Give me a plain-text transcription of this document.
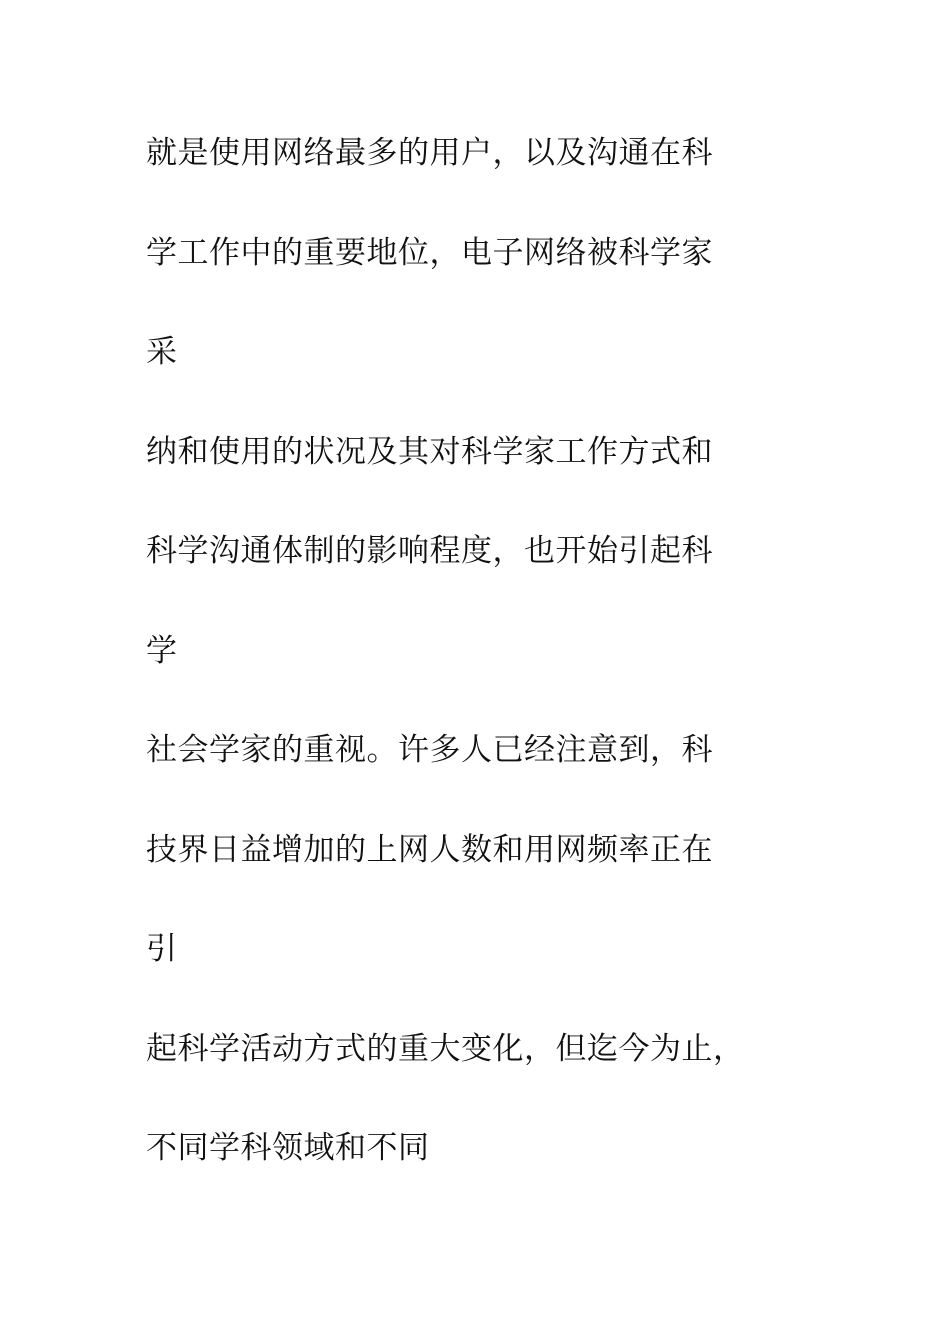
就是使用网络最多的用户，以及沟通在科
学工作中的重要地位，电子网络被科学家
采
纳和使用的状况及其对科学家工作方式和
科学沟通体制的影响程度，也开始引起科
学
社会学家的重视。许多人已经注意到，科
技界日益增加的上网人数和用网频率正在
引
起科学活动方式的重大变化，但迄今为止，
不同学科领域和不同
